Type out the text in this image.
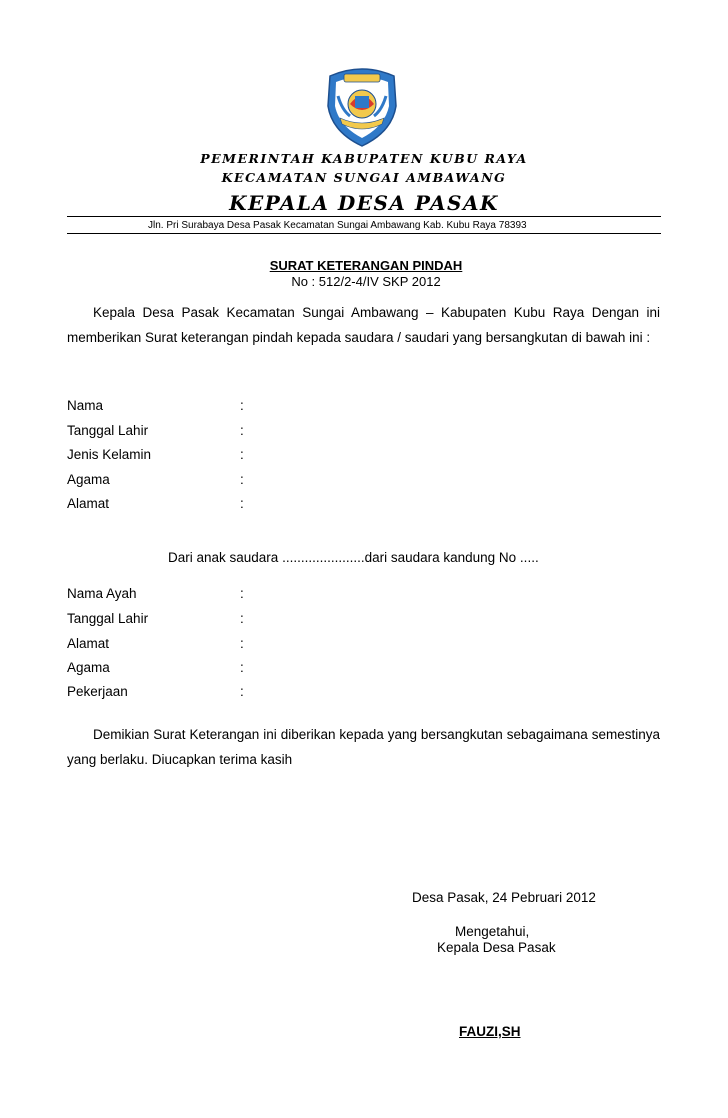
PEMERINTAH KABUPATEN KUBU RAYA
KECAMATAN SUNGAI AMBAWANG
KEPALA DESA PASAK
Jln. Pri Surabaya Desa Pasak Kecamatan Sungai Ambawang Kab. Kubu Raya 78393
SURAT KETERANGAN PINDAH
No : 512/2-4/IV SKP 2012
Kepala Desa Pasak Kecamatan Sungai Ambawang – Kabupaten Kubu Raya Dengan ini memberikan Surat keterangan pindah kepada saudara / saudari yang bersangkutan di bawah ini :
Nama	:
Tanggal Lahir	:
Jenis Kelamin	:
Agama	:
Alamat	:
Dari anak saudara ......................dari saudara kandung No .....
Nama Ayah	:
Tanggal Lahir	:
Alamat	:
Agama	:
Pekerjaan	:
Demikian Surat Keterangan ini diberikan kepada yang bersangkutan sebagaimana semestinya yang berlaku. Diucapkan terima kasih
Desa Pasak, 24 Pebruari 2012
Mengetahui,
Kepala Desa Pasak
FAUZI,SH
